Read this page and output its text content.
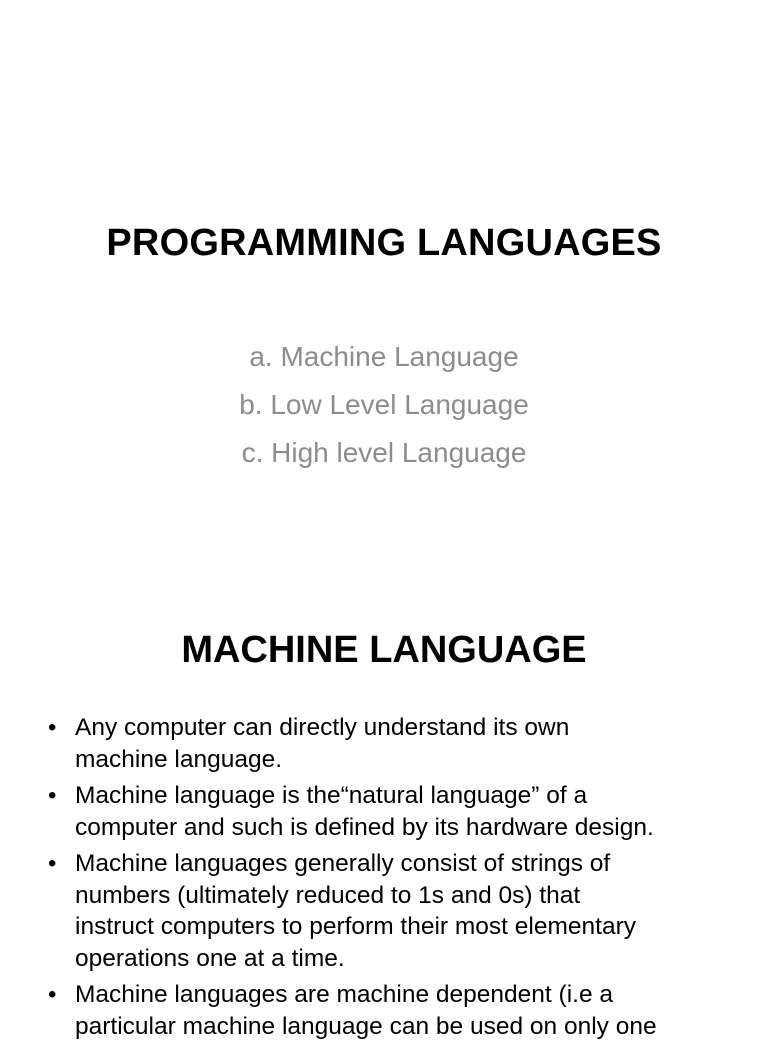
PROGRAMMING LANGUAGES
a. Machine Language
b. Low Level Language
c. High level Language
MACHINE LANGUAGE
• Any computer can directly understand its own
machine language.
• Machine language is the“natural language” of a
computer and such is defined by its hardware design.
• Machine languages generally consist of strings of
numbers (ultimately reduced to 1s and 0s) that
instruct computers to perform their most elementary
operations one at a time.
• Machine languages are machine dependent (i.e a
particular machine language can be used on only one
